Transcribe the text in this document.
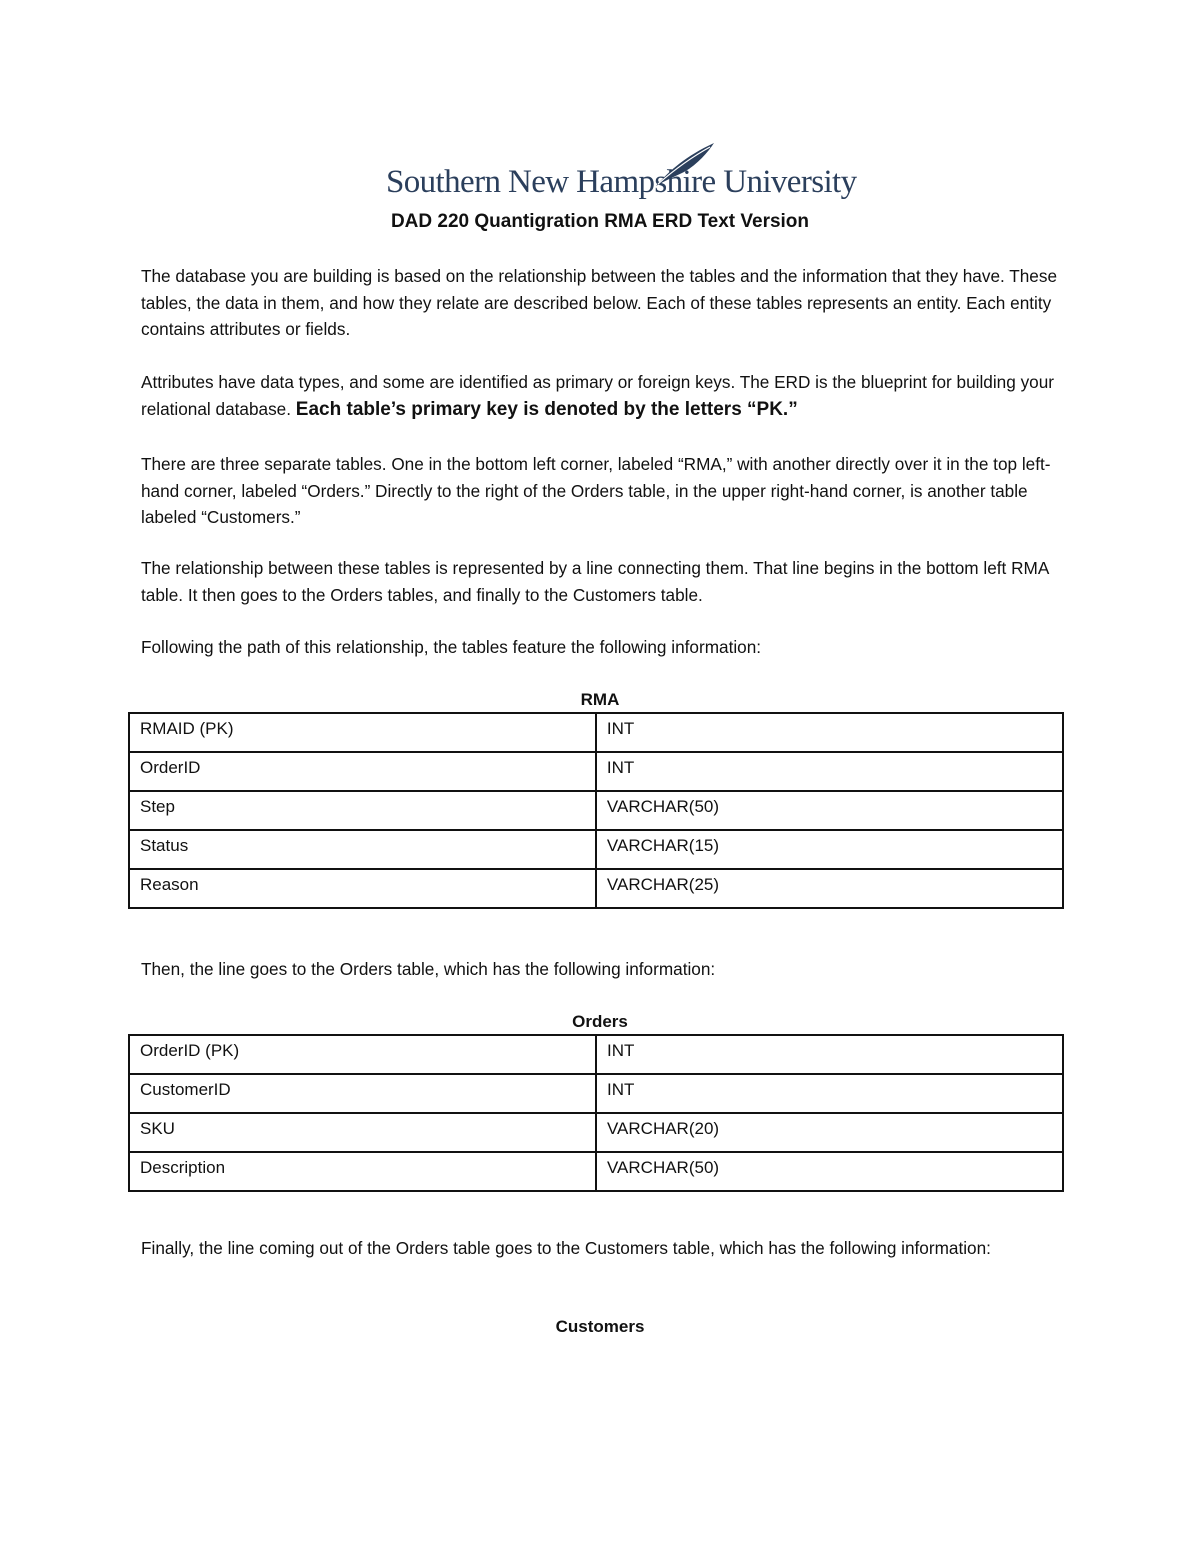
Southern New Hampshire University
DAD 220 Quantigration RMA ERD Text Version

The database you are building is based on the relationship between the tables and the information that they have. These tables, the data in them, and how they relate are described below. Each of these tables represents an entity. Each entity contains attributes or fields.

Attributes have data types, and some are identified as primary or foreign keys. The ERD is the blueprint for building your relational database. Each table’s primary key is denoted by the letters “PK.”

There are three separate tables. One in the bottom left corner, labeled “RMA,” with another directly over it in the top left-hand corner, labeled “Orders.” Directly to the right of the Orders table, in the upper right-hand corner, is another table labeled “Customers.”

The relationship between these tables is represented by a line connecting them. That line begins in the bottom left RMA table. It then goes to the Orders tables, and finally to the Customers table.

Following the path of this relationship, the tables feature the following information:

RMA
RMAID (PK)	INT
OrderID	INT
Step	VARCHAR(50)
Status	VARCHAR(15)
Reason	VARCHAR(25)

Then, the line goes to the Orders table, which has the following information:

Orders
OrderID (PK)	INT
CustomerID	INT
SKU	VARCHAR(20)
Description	VARCHAR(50)

Finally, the line coming out of the Orders table goes to the Customers table, which has the following information:

Customers
